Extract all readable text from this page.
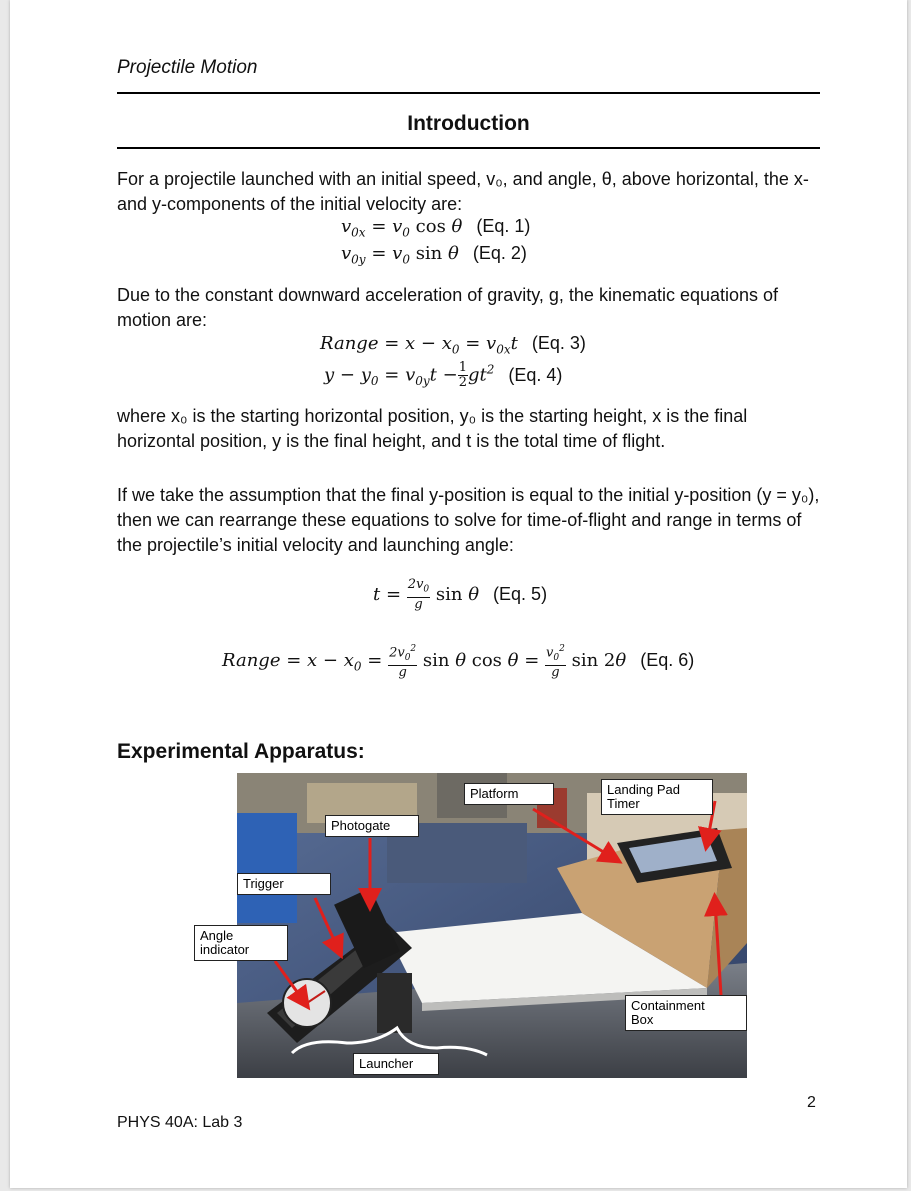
Projectile Motion
Introduction
For a projectile launched with an initial speed, v₀, and angle, θ, above horizontal, the x- and y-components of the initial velocity are:
$v_{0x} = v_0$ cos θ (Eq. 1)
$v_{0y} = v_0$ sin θ (Eq. 2)
Due to the constant downward acceleration of gravity, g, the kinematic equations of motion are:
Range = $x - x_0 = v_{0x}t$ (Eq. 3)
$y - y_0 = v_{0y}t - \frac{1}{2} gt^2$ (Eq. 4)
where x₀ is the starting horizontal position, y₀ is the starting height, x is the final horizontal position, y is the final height, and t is the total time of flight.
If we take the assumption that the final y-position is equal to the initial y-position (y = y₀), then we can rearrange these equations to solve for time-of-flight and range in terms of the projectile’s initial velocity and launching angle:
$t = \frac{2v_0}{g}$ sin θ (Eq. 5)
Range = $x - x_0 = \frac{2v_0^2}{g}$ sin θ $\cos \theta = \frac{v_0^2}{g}$ sin 2θ (Eq. 6)
Experimental Apparatus:
Platform	Landing Pad
Timer
Photogate
Trigger
Angle
indicator
Containment
Box
Launcher
2
PHYS 40A: Lab 3
